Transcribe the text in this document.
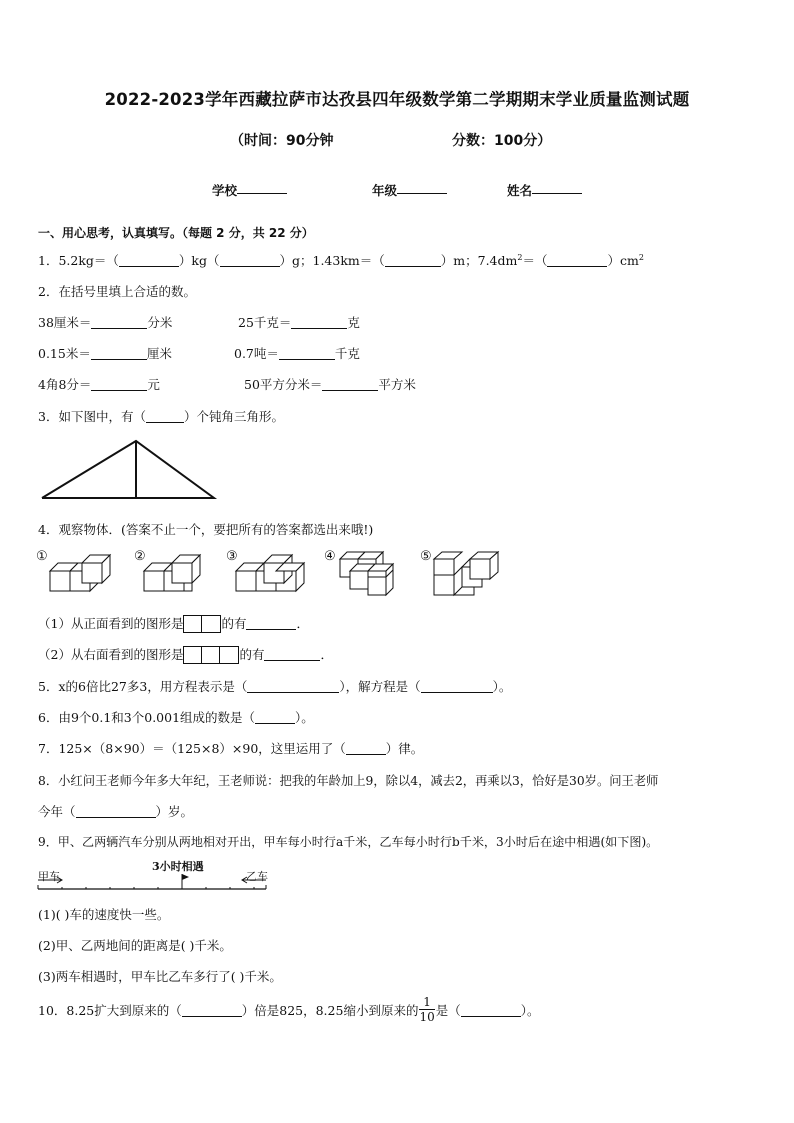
2022-2023学年西藏拉萨市达孜县四年级数学第二学期期末学业质量监测试题
（时间：90分钟	分数：100分）
学校	年级	姓名
一、用心思考，认真填写。（每题 2 分，共 22 分）
1．5.2kg＝（	）kg（	）g；1.43km＝（	）m；$7.4dm^2=$（	）$cm^2$
2．在括号里填上合适的数。
38厘米＝	分米	25千克＝	克
0.15米＝	厘米	0.7吨＝	千克
4角8分＝	元	50平方分米＝	平方米
3．如下图中，有（	）个钝角三角形。
4．观察物体．(答案不止一个，要把所有的答案都选出来哦!)
①	②	③	④	⑤
（1）从正面看到的图形是	的有	．
（2）从右面看到的图形是	的有	．
5．x的6倍比27多3，用方程表示是（	），解方程是（	）。
6．由9个0.1和3个0.001组成的数是（	）。
7．125×（8×90）＝（125×8）×90，这里运用了（	）律。
8．小红问王老师今年多大年纪，王老师说：把我的年龄加上9，除以4，减去2，再乘以3，恰好是30岁。问王老师
今年（	）岁。
9．甲、乙两辆汽车分别从两地相对开出，甲车每小时行a千米，乙车每小时行b千米，3小时后在途中相遇(如下图)。
甲车
3小时相遇
乙车
(1)( )车的速度快一些。
(2)甲、乙两地间的距离是( )千米。
(3)两车相遇时，甲车比乙车多行了( )千米。
10．8.25扩大到原来的（	）倍是825，8.25缩小到原来的 $\frac{1}{10}$ 是（	）。
